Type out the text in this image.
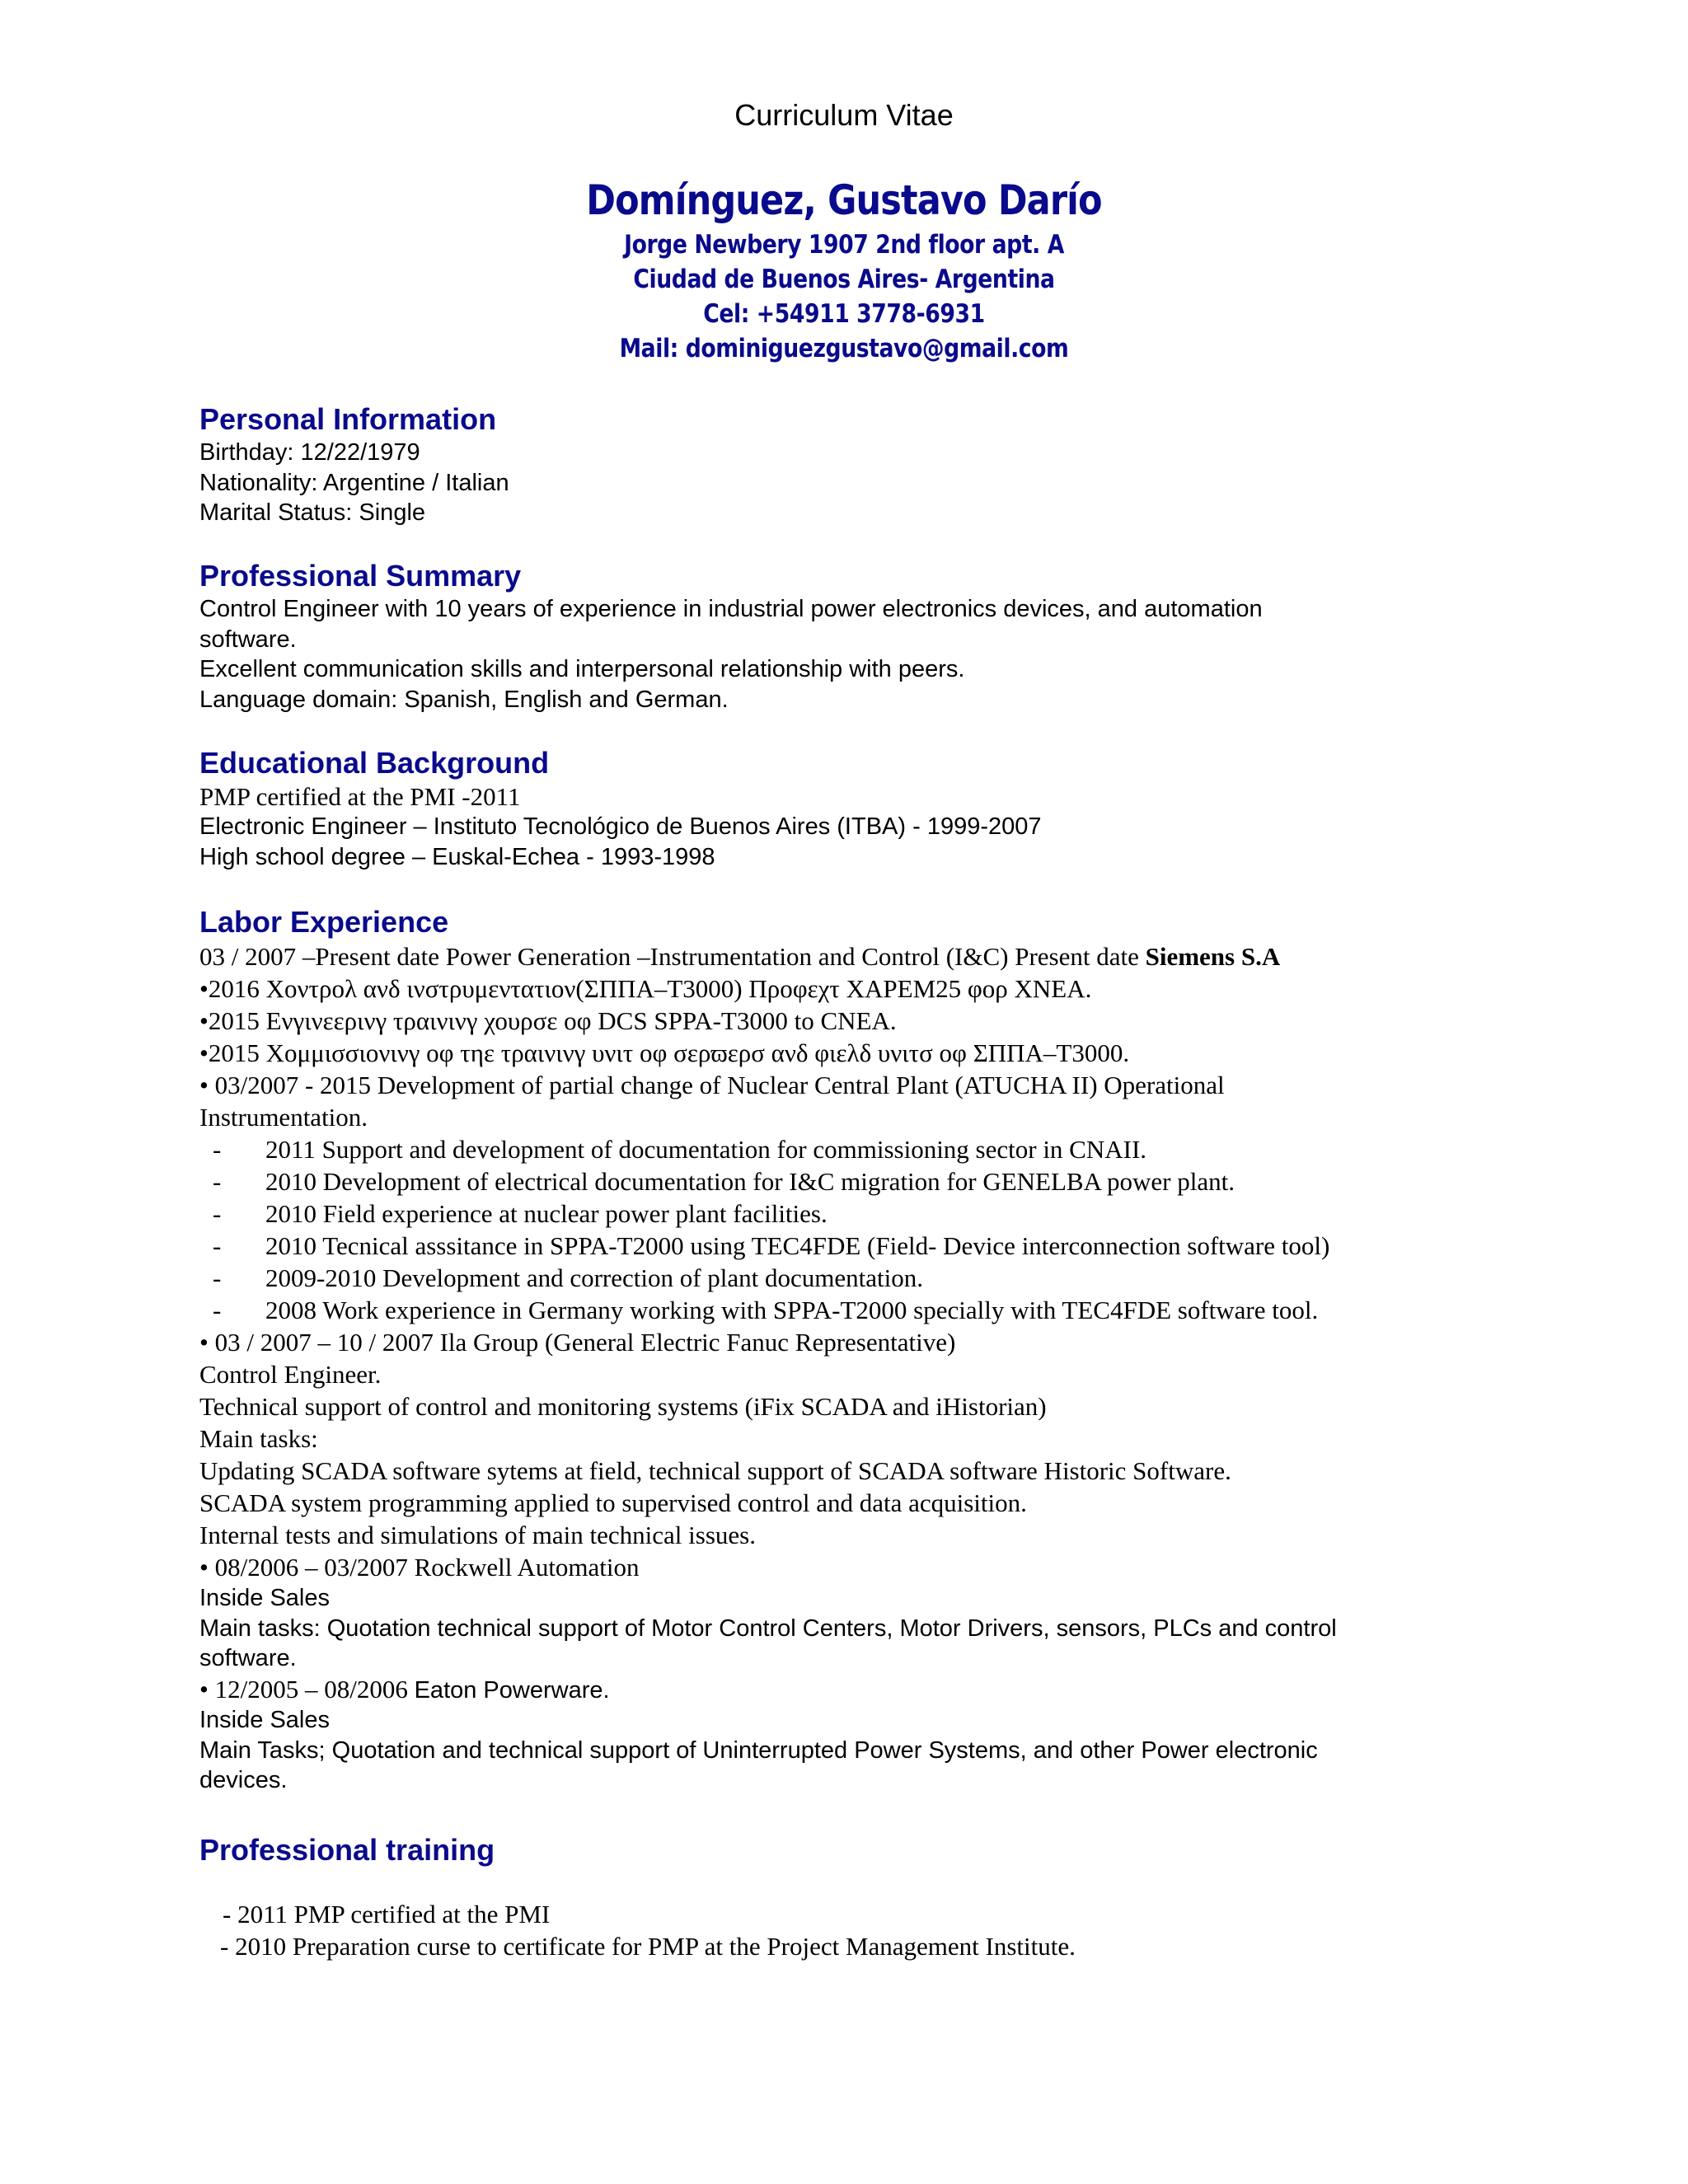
Curriculum Vitae
Domínguez, Gustavo Darío
Jorge Newbery 1907 2nd floor apt. A
Ciudad de Buenos Aires- Argentina
Cel: +54911 3778-6931
Mail: dominiguezgustavo@gmail.com
Personal Information
Birthday: 12/22/1979
Nationality: Argentine / Italian
Marital Status: Single
Professional Summary
Control Engineer with 10 years of experience in industrial power electronics devices, and automation
software.
Excellent communication skills and interpersonal relationship with peers.
Language domain: Spanish, English and German.
Educational Background
PMP certified at the PMI -2011
Electronic Engineer – Instituto Tecnológico de Buenos Aires (ITBA) - 1999-2007
High school degree – Euskal-Echea - 1993-1998
Labor Experience
03 / 2007 –Present date Power Generation –Instrumentation and Control (I&C) Present date Siemens S.A
•2016 Χοντρολ ανδ ινστρυμεντατιον(ΣΠΠΑ–Τ3000) Προφεχτ ΧΑΡΕΜ25 φορ ΧΝΕΑ.
•2015 Ενγινεερινγ τραινινγ χουρσε οφ DCS SPPA-T3000 to CNEA.
•2015 Χομμισσιονινγ οφ τηε τραινινγ υνιτ οφ σερϖερσ ανδ φιελδ υνιτσ οφ ΣΠΠΑ–Τ3000.
• 03/2007 - 2015 Development of partial change of Nuclear Central Plant (ATUCHA II) Operational
Instrumentation.
- 2011 Support and development of documentation for commissioning sector in CNAII.
- 2010 Development of electrical documentation for I&C migration for GENELBA power plant.
- 2010 Field experience at nuclear power plant facilities.
- 2010 Tecnical asssitance in SPPA-T2000 using TEC4FDE (Field- Device interconnection software tool)
- 2009-2010 Development and correction of plant documentation.
- 2008 Work experience in Germany working with SPPA-T2000 specially with TEC4FDE software tool.
• 03 / 2007 – 10 / 2007 Ila Group (General Electric Fanuc Representative)
Control Engineer.
Technical support of control and monitoring systems (iFix SCADA and iHistorian)
Main tasks:
Updating SCADA software sytems at field, technical support of SCADA software Historic Software.
SCADA system programming applied to supervised control and data acquisition.
Internal tests and simulations of main technical issues.
• 08/2006 – 03/2007 Rockwell Automation
Inside Sales
Main tasks: Quotation technical support of Motor Control Centers, Motor Drivers, sensors, PLCs and control
software.
• 12/2005 – 08/2006 Eaton Powerware.
Inside Sales
Main Tasks; Quotation and technical support of Uninterrupted Power Systems, and other Power electronic
devices.
Professional training
- 2011 PMP certified at the PMI
- 2010 Preparation curse to certificate for PMP at the Project Management Institute.
